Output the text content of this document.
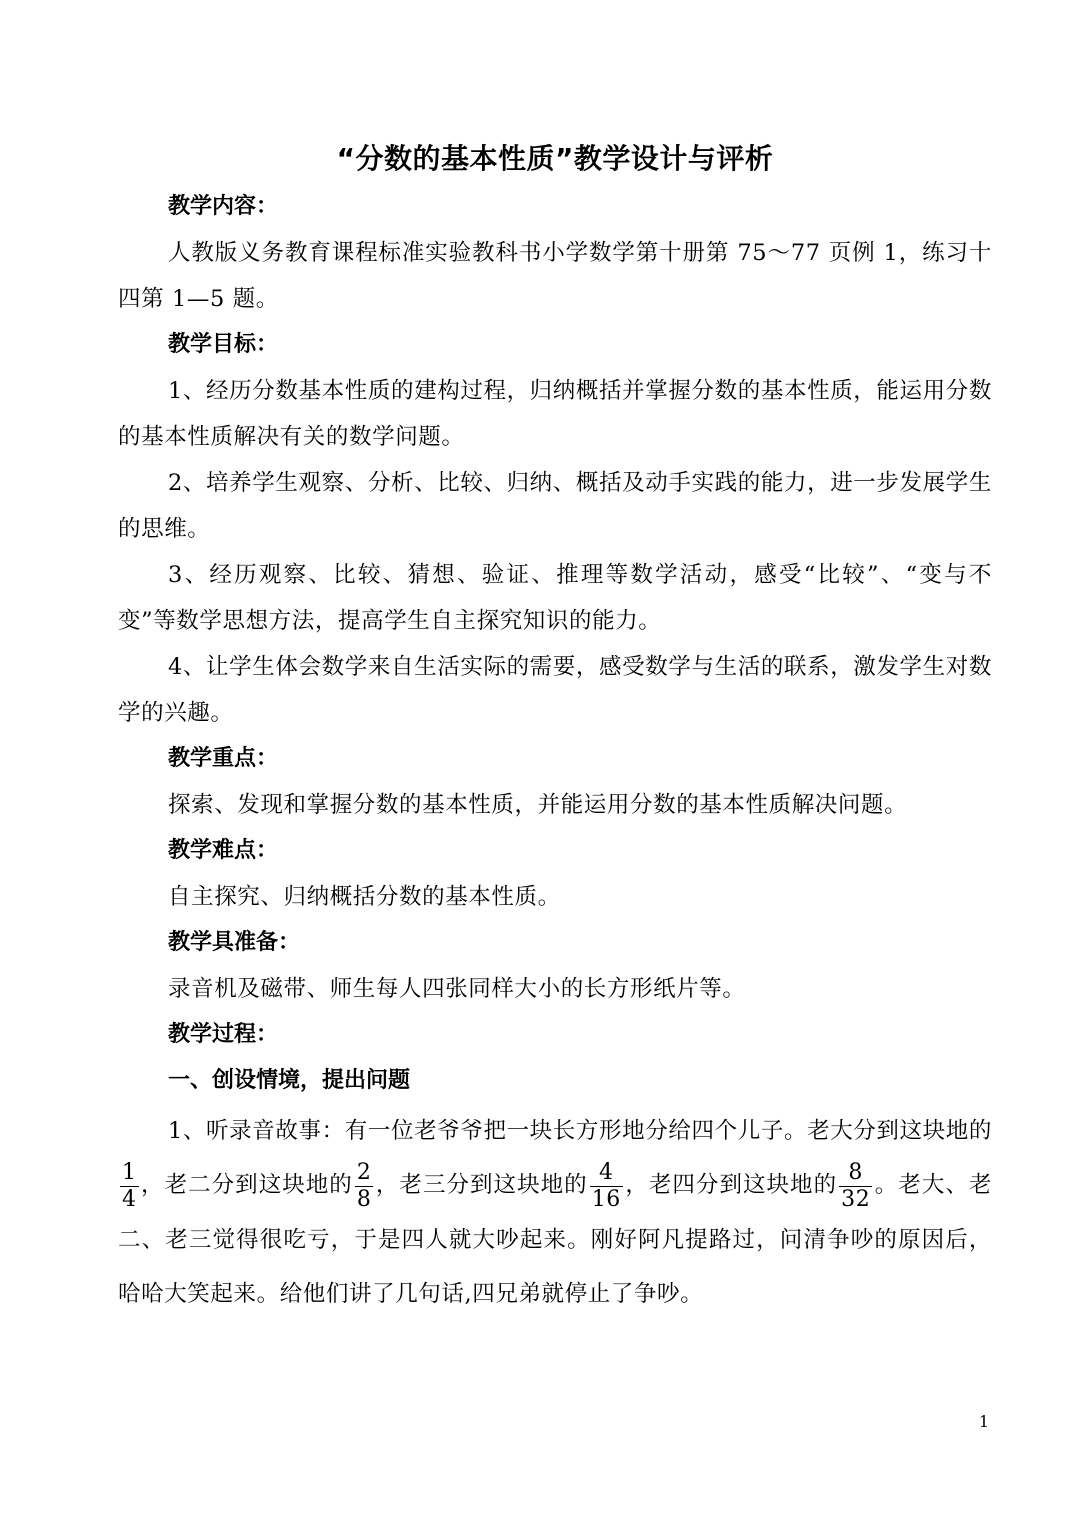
“分数的基本性质”教学设计与评析

教学内容：

人教版义务教育课程标准实验教科书小学数学第十册第 75～77 页例 1，练习十四第 1—5 题。

教学目标：

1、经历分数基本性质的建构过程，归纳概括并掌握分数的基本性质，能运用分数的基本性质解决有关的数学问题。

2、培养学生观察、分析、比较、归纳、概括及动手实践的能力，进一步发展学生的思维。

3、经历观察、比较、猜想、验证、推理等数学活动，感受“比较”、“变与不变”等数学思想方法，提高学生自主探究知识的能力。

4、让学生体会数学来自生活实际的需要，感受数学与生活的联系，激发学生对数学的兴趣。

教学重点：

探索、发现和掌握分数的基本性质，并能运用分数的基本性质解决问题。

教学难点：

自主探究、归纳概括分数的基本性质。

教学具准备：

录音机及磁带、师生每人四张同样大小的长方形纸片等。

教学过程：

一、创设情境，提出问题

1、听录音故事：有一位老爷爷把一块长方形地分给四个儿子。老大分到这块地的
$\frac{1}{4}$ ，老二分到这块地的 $\frac{2}{8}$ ，老三分到这块地的 $\frac{4}{16}$ ，老四分到这块地的 $\frac{8}{32}$ 。老大、老二、老三觉得很吃亏，于是四人就大吵起来。刚好阿凡提路过，问清争吵的原因后，哈哈大笑起来。给他们讲了几句话,四兄弟就停止了争吵。

1
